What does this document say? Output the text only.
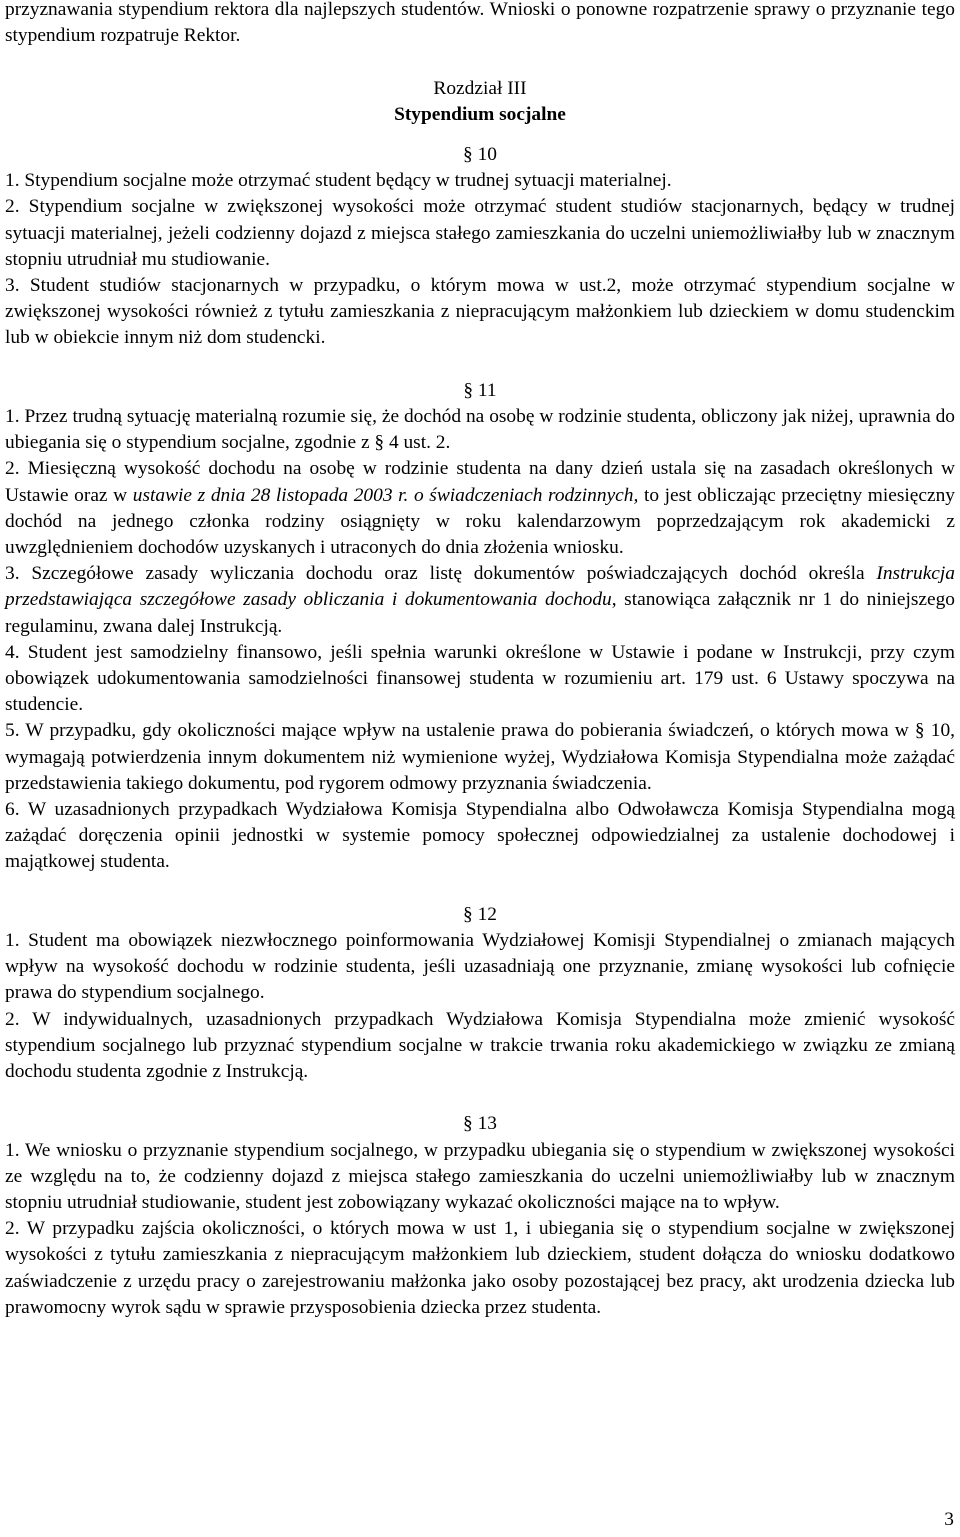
przyznawania stypendium rektora dla najlepszych studentów. Wnioski o ponowne rozpatrzenie sprawy o przyznanie tego stypendium rozpatruje Rektor.

Rozdział III

Stypendium socjalne

§ 10

1. Stypendium socjalne może otrzymać student będący w trudnej sytuacji materialnej.

2. Stypendium socjalne w zwiększonej wysokości może otrzymać student studiów stacjonarnych, będący w trudnej sytuacji materialnej, jeżeli codzienny dojazd z miejsca stałego zamieszkania do uczelni uniemożliwiałby lub w znacznym stopniu utrudniał mu studiowanie.

3. Student studiów stacjonarnych w przypadku, o którym mowa w ust.2, może otrzymać stypendium socjalne w zwiększonej wysokości również z tytułu zamieszkania z niepracującym małżonkiem lub dzieckiem w domu studenckim lub w obiekcie innym niż dom studencki.

§ 11

1. Przez trudną sytuację materialną rozumie się, że dochód na osobę w rodzinie studenta, obliczony jak niżej, uprawnia do ubiegania się o stypendium socjalne, zgodnie z § 4 ust. 2.

2. Miesięczną wysokość dochodu na osobę w rodzinie studenta na dany dzień ustala się na zasadach określonych w Ustawie oraz w ustawie z dnia 28 listopada 2003 r. o świadczeniach rodzinnych, to jest obliczając przeciętny miesięczny dochód na jednego członka rodziny osiągnięty w roku kalendarzowym poprzedzającym rok akademicki z uwzględnieniem dochodów uzyskanych i utraconych do dnia złożenia wniosku.

3. Szczegółowe zasady wyliczania dochodu oraz listę dokumentów poświadczających dochód określa Instrukcja przedstawiająca szczegółowe zasady obliczania i dokumentowania dochodu, stanowiąca załącznik nr 1 do niniejszego regulaminu, zwana dalej Instrukcją.

4. Student jest samodzielny finansowo, jeśli spełnia warunki określone w Ustawie i podane w Instrukcji, przy czym obowiązek udokumentowania samodzielności finansowej studenta w rozumieniu art. 179 ust. 6 Ustawy spoczywa na studencie.

5. W przypadku, gdy okoliczności mające wpływ na ustalenie prawa do pobierania świadczeń, o których mowa w § 10, wymagają potwierdzenia innym dokumentem niż wymienione wyżej, Wydziałowa Komisja Stypendialna może zażądać przedstawienia takiego dokumentu, pod rygorem odmowy przyznania świadczenia.

6. W uzasadnionych przypadkach Wydziałowa Komisja Stypendialna albo Odwoławcza Komisja Stypendialna mogą zażądać doręczenia opinii jednostki w systemie pomocy społecznej odpowiedzialnej za ustalenie dochodowej i majątkowej studenta.

§ 12

1. Student ma obowiązek niezwłocznego poinformowania Wydziałowej Komisji Stypendialnej o zmianach mających wpływ na wysokość dochodu w rodzinie studenta, jeśli uzasadniają one przyznanie, zmianę wysokości lub cofnięcie prawa do stypendium socjalnego.

2. W indywidualnych, uzasadnionych przypadkach Wydziałowa Komisja Stypendialna może zmienić wysokość stypendium socjalnego lub przyznać stypendium socjalne w trakcie trwania roku akademickiego w związku ze zmianą dochodu studenta zgodnie z Instrukcją.

§ 13

1. We wniosku o przyznanie stypendium socjalnego, w przypadku ubiegania się o stypendium w zwiększonej wysokości ze względu na to, że codzienny dojazd z miejsca stałego zamieszkania do uczelni uniemożliwiałby lub w znacznym stopniu utrudniał studiowanie, student jest zobowiązany wykazać okoliczności mające na to wpływ.

2. W przypadku zajścia okoliczności, o których mowa w ust 1, i ubiegania się o stypendium socjalne w zwiększonej wysokości z tytułu zamieszkania z niepracującym małżonkiem lub dzieckiem, student dołącza do wniosku dodatkowo zaświadczenie z urzędu pracy o zarejestrowaniu małżonka jako osoby pozostającej bez pracy, akt urodzenia dziecka lub prawomocny wyrok sądu w sprawie przysposobienia dziecka przez studenta.

3
